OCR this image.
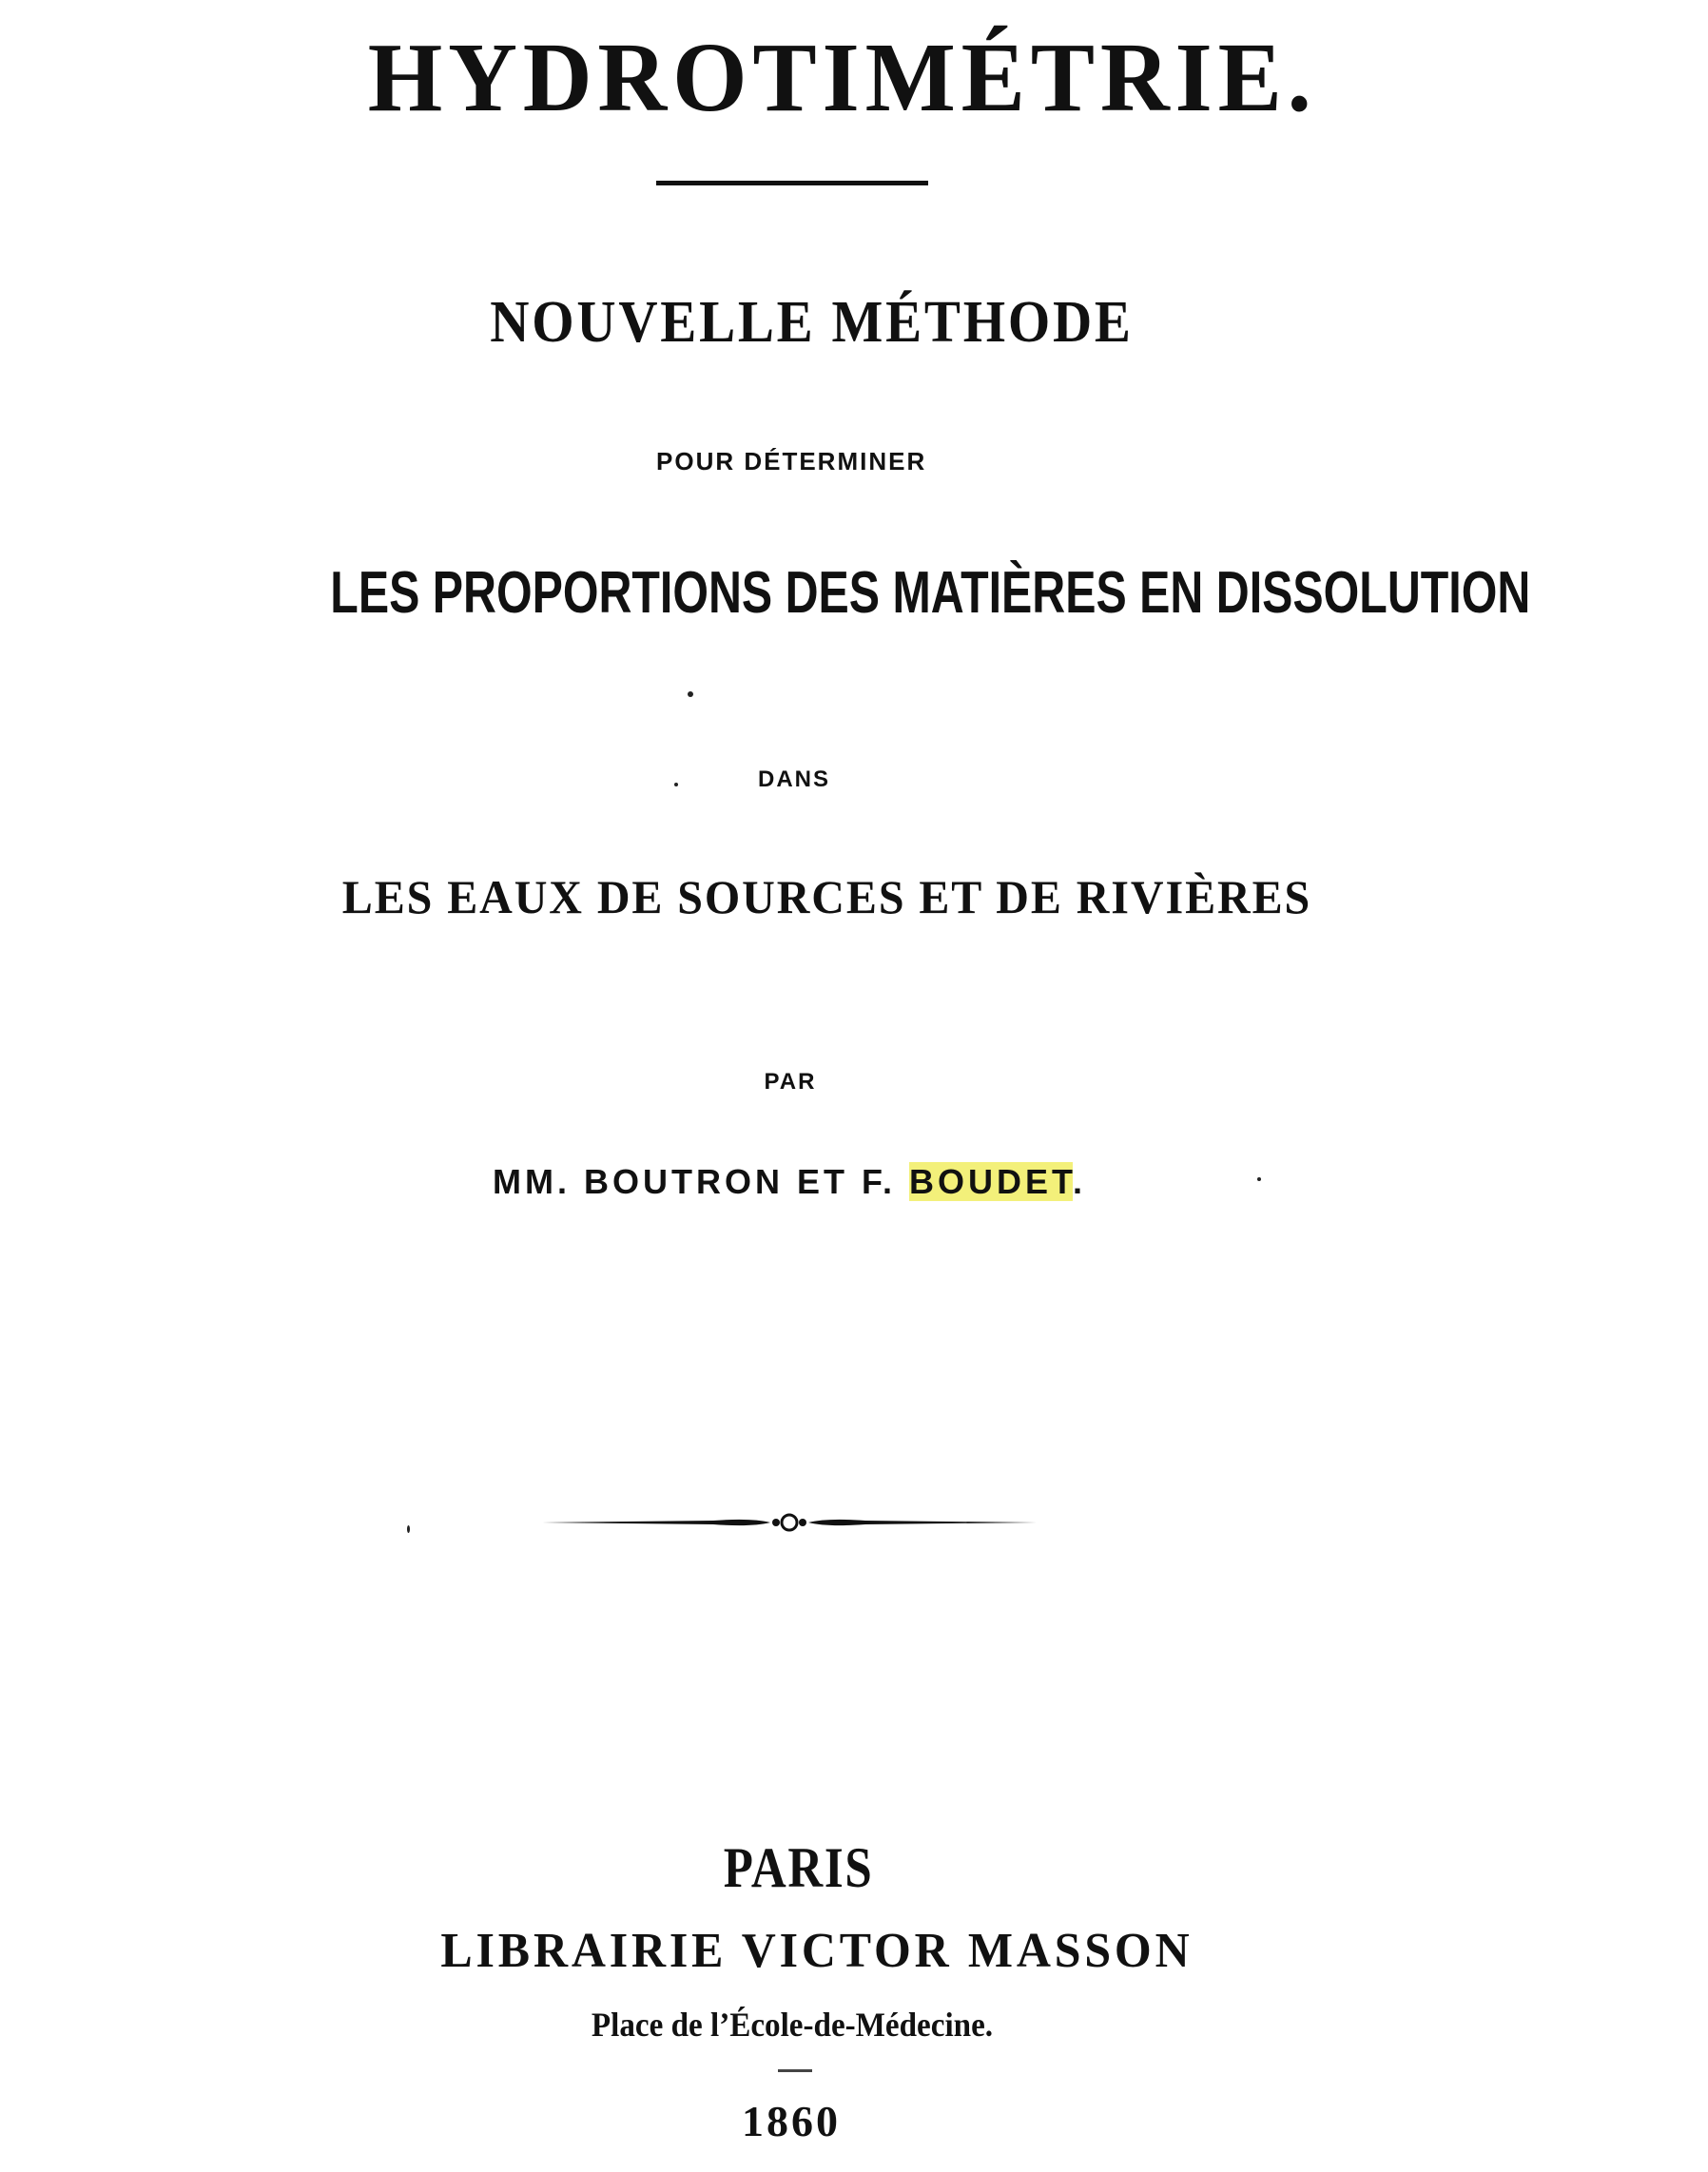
HYDROTIMÉTRIE.
NOUVELLE MÉTHODE
POUR DÉTERMINER
LES PROPORTIONS DES MATIÈRES EN DISSOLUTION
DANS
LES EAUX DE SOURCES ET DE RIVIÈRES
PAR
MM. BOUTRON ET F. BOUDET.
PARIS
LIBRAIRIE VICTOR MASSON
Place de l’École-de-Médecine.
1860
